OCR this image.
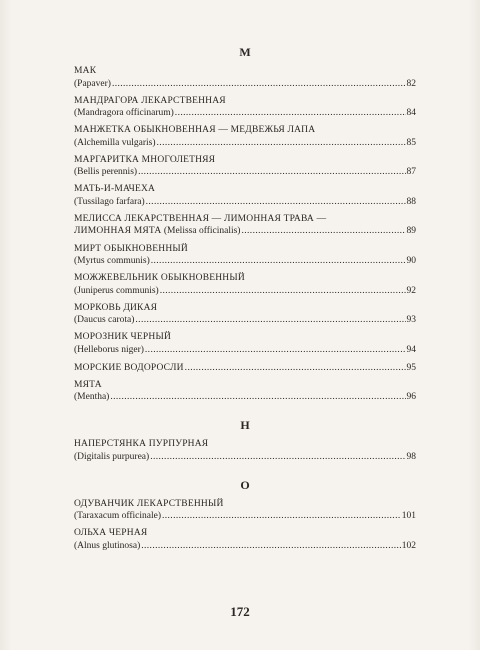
М
МАК
(Papaver) .....	82
МАНДРАГОРА ЛЕКАРСТВЕННАЯ
(Mandragora officinarum) .....	84
МАНЖЕТКА ОБЫКНОВЕННАЯ — МЕДВЕЖЬЯ ЛАПА
(Alchemilla vulgaris) .....	85
МАРГАРИТКА МНОГОЛЕТНЯЯ
(Bellis perennis) .....	87
МАТЬ-И-МАЧЕХА
(Tussilago farfara) .....	88
МЕЛИССА ЛЕКАРСТВЕННАЯ — ЛИМОННАЯ ТРАВА —
ЛИМОННАЯ МЯТА (Melissa officinalis) .....	89
МИРТ ОБЫКНОВЕННЫЙ
(Myrtus communis) .....	90
МОЖЖЕВЕЛЬНИК ОБЫКНОВЕННЫЙ
(Juniperus communis) .....	92
МОРКОВЬ ДИКАЯ
(Daucus carota) .....	93
МОРОЗНИК ЧЕРНЫЙ
(Helleborus niger) .....	94
МОРСКИЕ ВОДОРОСЛИ .....	95
МЯТА
(Mentha) .....	96
Н
НАПЕРСТЯНКА ПУРПУРНАЯ
(Digitalis purpurea) .....	98
О
ОДУВАНЧИК ЛЕКАРСТВЕННЫЙ
(Taraxacum officinale) .....	101
ОЛЬХА ЧЕРНАЯ
(Alnus glutinosa) .....	102
172
